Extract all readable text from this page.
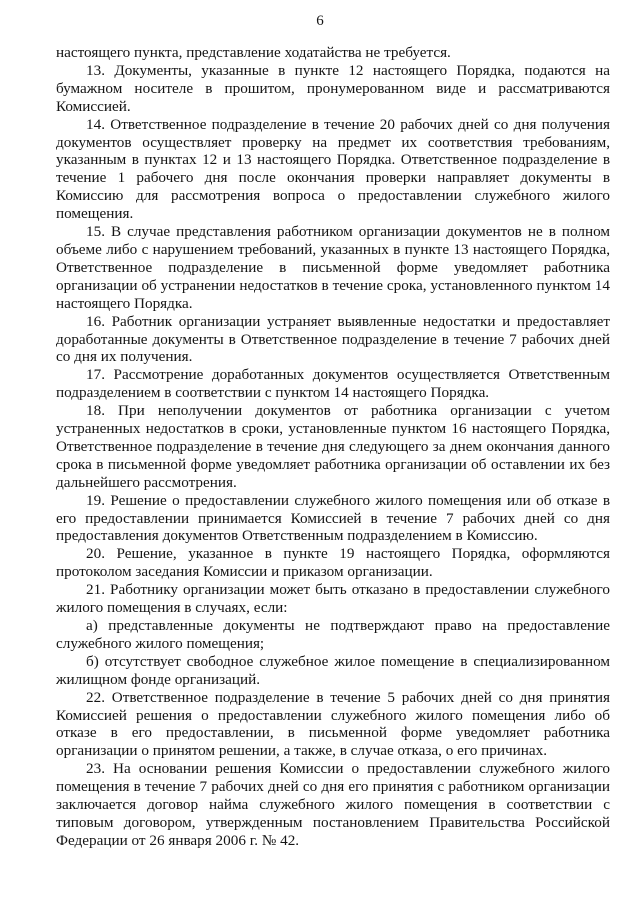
6

настоящего пункта, представление ходатайства не требуется.

13. Документы, указанные в пункте 12 настоящего Порядка, подаются на бумажном носителе в прошитом, пронумерованном виде и рассматриваются Комиссией.

14. Ответственное подразделение в течение 20 рабочих дней со дня получения документов осуществляет проверку на предмет их соответствия требованиям, указанным в пунктах 12 и 13 настоящего Порядка. Ответственное подразделение в течение 1 рабочего дня после окончания проверки направляет документы в Комиссию для рассмотрения вопроса о предоставлении служебного жилого помещения.

15. В случае представления работником организации документов не в полном объеме либо с нарушением требований, указанных в пункте 13 настоящего Порядка, Ответственное подразделение в письменной форме уведомляет работника организации об устранении недостатков в течение срока, установленного пунктом 14 настоящего Порядка.

16. Работник организации устраняет выявленные недостатки и предоставляет доработанные документы в Ответственное подразделение в течение 7 рабочих дней со дня их получения.

17. Рассмотрение доработанных документов осуществляется Ответственным подразделением в соответствии с пунктом 14 настоящего Порядка.

18. При неполучении документов от работника организации с учетом устраненных недостатков в сроки, установленные пунктом 16 настоящего Порядка, Ответственное подразделение в течение дня следующего за днем окончания данного срока в письменной форме уведомляет работника организации об оставлении их без дальнейшего рассмотрения.

19. Решение о предоставлении служебного жилого помещения или об отказе в его предоставлении принимается Комиссией в течение 7 рабочих дней со дня предоставления документов Ответственным подразделением в Комиссию.

20. Решение, указанное в пункте 19 настоящего Порядка, оформляются протоколом заседания Комиссии и приказом организации.

21. Работнику организации может быть отказано в предоставлении служебного жилого помещения в случаях, если:

а) представленные документы не подтверждают право на предоставление служебного жилого помещения;

б) отсутствует свободное служебное жилое помещение в специализированном жилищном фонде организаций.

22. Ответственное подразделение в течение 5 рабочих дней со дня принятия Комиссией решения о предоставлении служебного жилого помещения либо об отказе в его предоставлении, в письменной форме уведомляет работника организации о принятом решении, а также, в случае отказа, о его причинах.

23. На основании решения Комиссии о предоставлении служебного жилого помещения в течение 7 рабочих дней со дня его принятия с работником организации заключается договор найма служебного жилого помещения в соответствии с типовым договором, утвержденным постановлением Правительства Российской Федерации от 26 января 2006 г. № 42.
